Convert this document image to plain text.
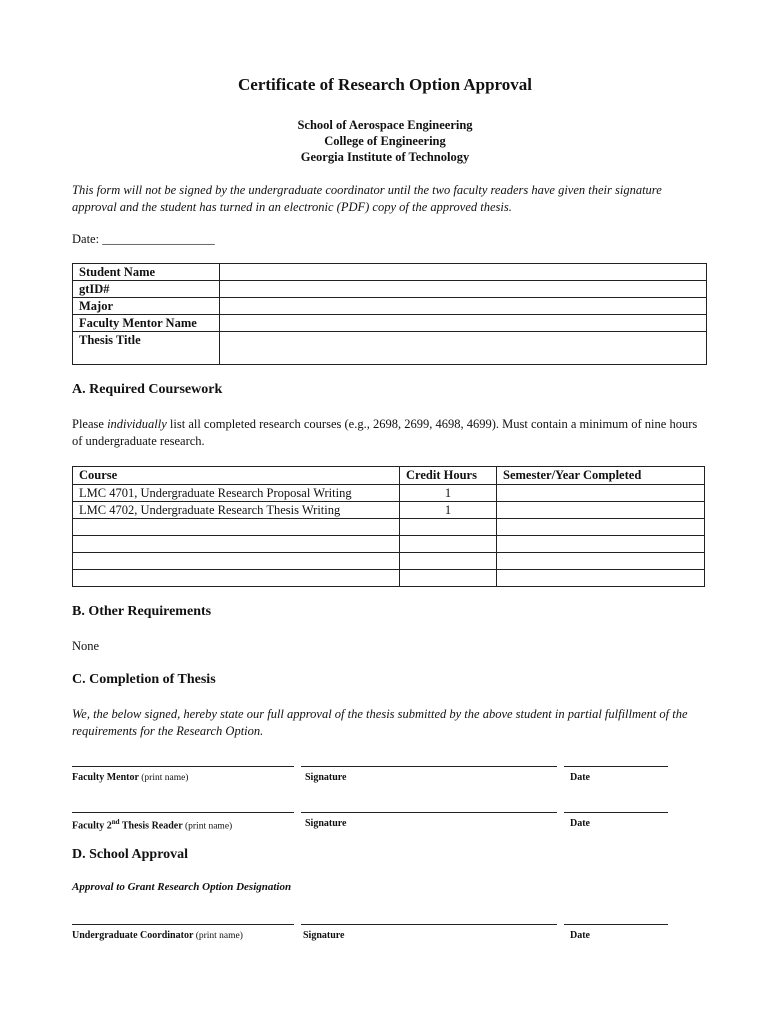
Certificate of Research Option Approval
School of Aerospace Engineering
College of Engineering
Georgia Institute of Technology
This form will not be signed by the undergraduate coordinator until the two faculty readers have given their signature approval and the student has turned in an electronic (PDF) copy of the approved thesis.
Date: __________________
Student Name	
gtID#	
Major	
Faculty Mentor Name	
Thesis Title	
A. Required Coursework
Please individually list all completed research courses (e.g., 2698, 2699, 4698, 4699). Must contain a minimum of nine hours of undergraduate research.
Course	Credit Hours	Semester/Year Completed
LMC 4701, Undergraduate Research Proposal Writing	1	
LMC 4702, Undergraduate Research Thesis Writing	1	

B. Other Requirements
None
C. Completion of Thesis
We, the below signed, hereby state our full approval of the thesis submitted by the above student in partial fulfillment of the requirements for the Research Option.
Faculty Mentor (print name)	Signature	Date
Faculty 2nd Thesis Reader (print name)	Signature	Date
D. School Approval
Approval to Grant Research Option Designation
Undergraduate Coordinator (print name)	Signature	Date
